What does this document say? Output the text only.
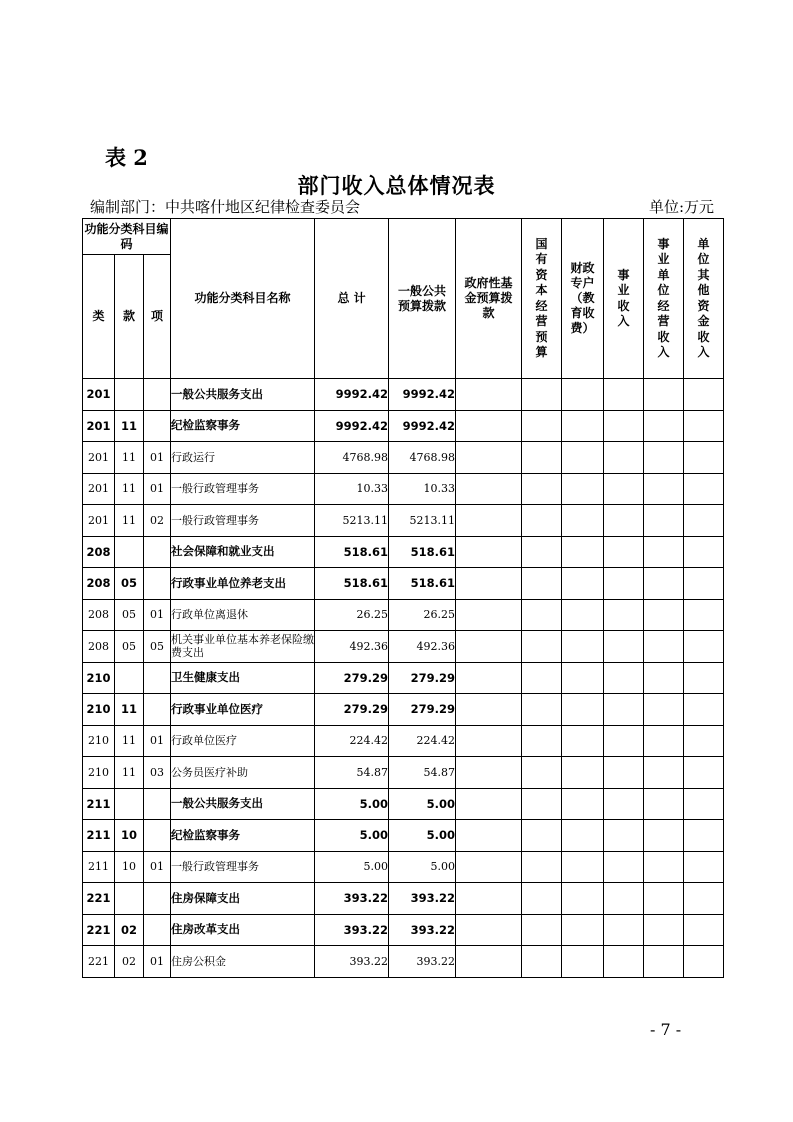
表 2
部门收入总体情况表
编制部门：中共喀什地区纪律检查委员会	单位:万元
功能分类科目编码			功能分类科目名称	总 计	一般公共预算拨款	政府性基金预算拨款	国有资本经营预算	财政专户（教育收费）	事业收入	事业单位经营收入	单位其他资金收入
类	款	项									
201			一般公共服务支出	9992.42	9992.42						
201	11		纪检监察事务	9992.42	9992.42						
201	11	01	行政运行	4768.98	4768.98						
201	11	01	一般行政管理事务	10.33	10.33						
201	11	02	一般行政管理事务	5213.11	5213.11						
208			社会保障和就业支出	518.61	518.61						
208	05		行政事业单位养老支出	518.61	518.61						
208	05	01	行政单位离退休	26.25	26.25						
208	05	05	机关事业单位基本养老保险缴费支出	492.36	492.36						
210			卫生健康支出	279.29	279.29						
210	11		行政事业单位医疗	279.29	279.29						
210	11	01	行政单位医疗	224.42	224.42						
210	11	03	公务员医疗补助	54.87	54.87						
211			一般公共服务支出	5.00	5.00						
211	10		纪检监察事务	5.00	5.00						
211	10	01	一般行政管理事务	5.00	5.00						
221			住房保障支出	393.22	393.22						
221	02		住房改革支出	393.22	393.22						
221	02	01	住房公积金	393.22	393.22						
- 7 -
